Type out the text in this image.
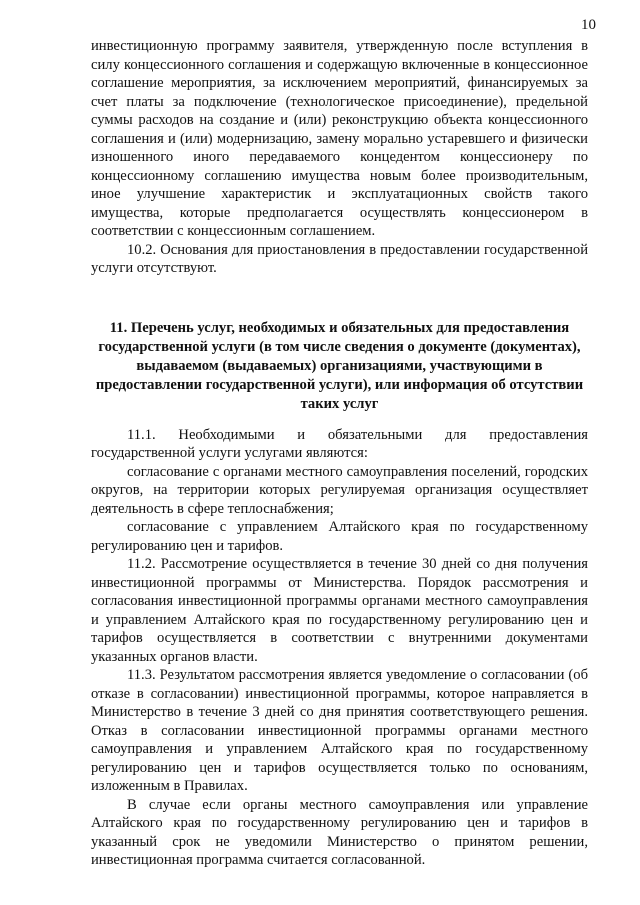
10

инвестиционную программу заявителя, утвержденную после вступления в силу концессионного соглашения и содержащую включенные в концессионное соглашение мероприятия, за исключением мероприятий, финансируемых за счет платы за подключение (технологическое присоединение), предельной суммы расходов на создание и (или) реконструкцию объекта концессионного соглашения и (или) модернизацию, замену морально устаревшего и физически изношенного иного передаваемого концедентом концессионеру по концессионному соглашению имущества новым более производительным, иное улучшение характеристик и эксплуатационных свойств такого имущества, которые предполагается осуществлять концессионером в соответствии с концессионным соглашением.

10.2. Основания для приостановления в предоставлении государственной услуги отсутствуют.

11. Перечень услуг, необходимых и обязательных для предоставления государственной услуги (в том числе сведения о документе (документах), выдаваемом (выдаваемых) организациями, участвующими в предоставлении государственной услуги), или информация об отсутствии таких услуг

11.1. Необходимыми и обязательными для предоставления государственной услуги услугами являются:

согласование с органами местного самоуправления поселений, городских округов, на территории которых регулируемая организация осуществляет деятельность в сфере теплоснабжения;

согласование с управлением Алтайского края по государственному регулированию цен и тарифов.

11.2. Рассмотрение осуществляется в течение 30 дней со дня получения инвестиционной программы от Министерства. Порядок рассмотрения и согласования инвестиционной программы органами местного самоуправления и управлением Алтайского края по государственному регулированию цен и тарифов осуществляется в соответствии с внутренними документами указанных органов власти.

11.3. Результатом рассмотрения является уведомление о согласовании (об отказе в согласовании) инвестиционной программы, которое направляется в Министерство в течение 3 дней со дня принятия соответствующего решения. Отказ в согласовании инвестиционной программы органами местного самоуправления и управлением Алтайского края по государственному регулированию цен и тарифов осуществляется только по основаниям, изложенным в Правилах.

В случае если органы местного самоуправления или управление Алтайского края по государственному регулированию цен и тарифов в указанный срок не уведомили Министерство о принятом решении, инвестиционная программа считается согласованной.
